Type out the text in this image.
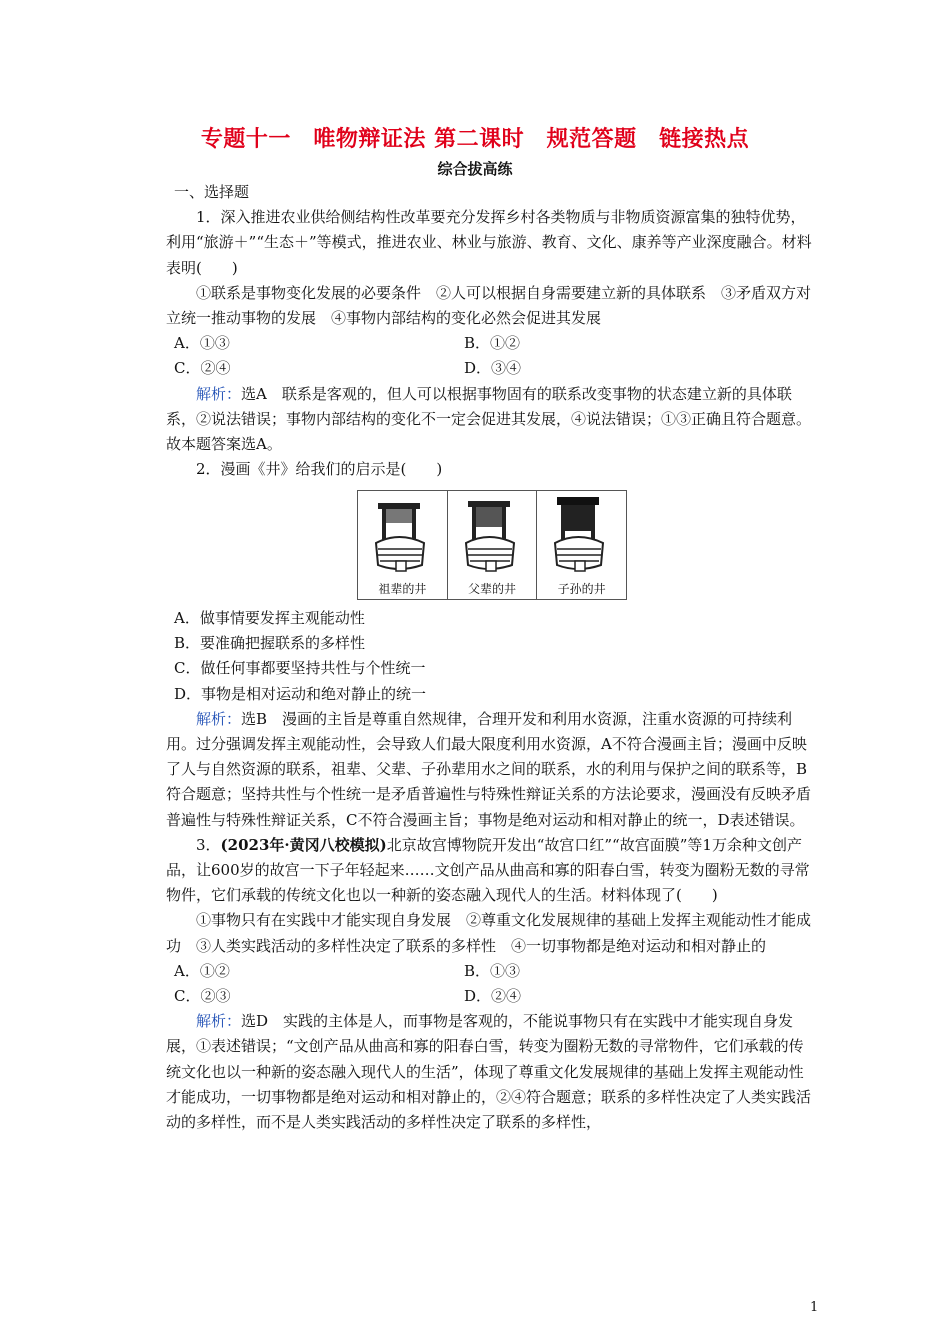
专题十一　唯物辩证法 第二课时　规范答题　链接热点
综合拔高练

一、选择题

1．深入推进农业供给侧结构性改革要充分发挥乡村各类物质与非物质资源富集的独特优势，利用“旅游＋”“生态＋”等模式，推进农业、林业与旅游、教育、文化、康养等产业深度融合。材料表明(　　)

①联系是事物变化发展的必要条件　②人可以根据自身需要建立新的具体联系　③矛盾双方对立统一推动事物的发展　④事物内部结构的变化必然会促进其发展

A．①③	B．①②
C．②④	D．③④

解析：选A　联系是客观的，但人可以根据事物固有的联系改变事物的状态建立新的具体联系，②说法错误；事物内部结构的变化不一定会促进其发展，④说法错误；①③正确且符合题意。故本题答案选A。

2．漫画《井》给我们的启示是(　　)

祖辈的井	父辈的井	子孙的井

A．做事情要发挥主观能动性

B．要准确把握联系的多样性

C．做任何事都要坚持共性与个性统一

D．事物是相对运动和绝对静止的统一

解析：选B　漫画的主旨是尊重自然规律，合理开发和利用水资源，注重水资源的可持续利用。过分强调发挥主观能动性，会导致人们最大限度利用水资源，A不符合漫画主旨；漫画中反映了人与自然资源的联系，祖辈、父辈、子孙辈用水之间的联系，水的利用与保护之间的联系等，B符合题意；坚持共性与个性统一是矛盾普遍性与特殊性辩证关系的方法论要求，漫画没有反映矛盾普遍性与特殊性辩证关系，C不符合漫画主旨；事物是绝对运动和相对静止的统一，D表述错误。

3．(2023年·黄冈八校模拟)北京故宫博物院开发出“故宫口红”“故宫面膜”等1万余种文创产品，让600岁的故宫一下子年轻起来……文创产品从曲高和寡的阳春白雪，转变为圈粉无数的寻常物件，它们承载的传统文化也以一种新的姿态融入现代人的生活。材料体现了(　　)

①事物只有在实践中才能实现自身发展　②尊重文化发展规律的基础上发挥主观能动性才能成功　③人类实践活动的多样性决定了联系的多样性　④一切事物都是绝对运动和相对静止的

A．①②	B．①③
C．②③	D．②④

解析：选D　实践的主体是人，而事物是客观的，不能说事物只有在实践中才能实现自身发展，①表述错误；“文创产品从曲高和寡的阳春白雪，转变为圈粉无数的寻常物件，它们承载的传统文化也以一种新的姿态融入现代人的生活”，体现了尊重文化发展规律的基础上发挥主观能动性才能成功，一切事物都是绝对运动和相对静止的，②④符合题意；联系的多样性决定了人类实践活动的多样性，而不是人类实践活动的多样性决定了联系的多样性，

1
